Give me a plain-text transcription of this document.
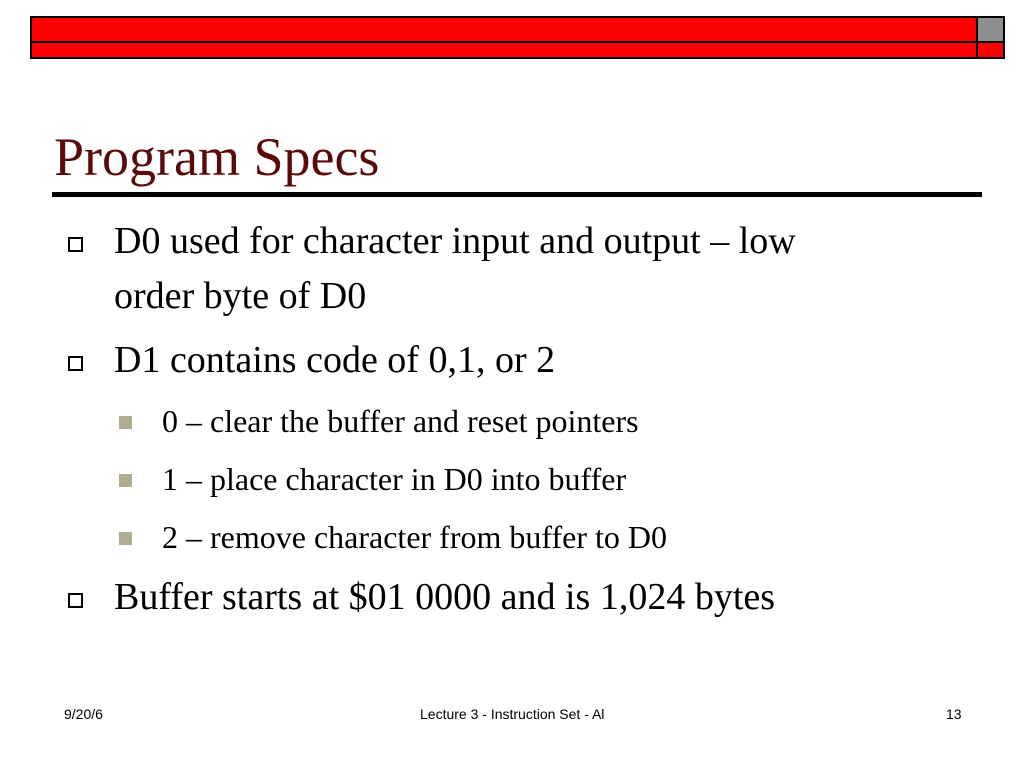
Program Specs
D0 used for character input and output – low
order byte of D0
D1 contains code of 0,1, or 2
0 – clear the buffer and reset pointers
1 – place character in D0 into buffer
2 – remove character from buffer to D0
Buffer starts at $01 0000 and is 1,024 bytes
9/20/6	Lecture 3 - Instruction Set - Al	13
